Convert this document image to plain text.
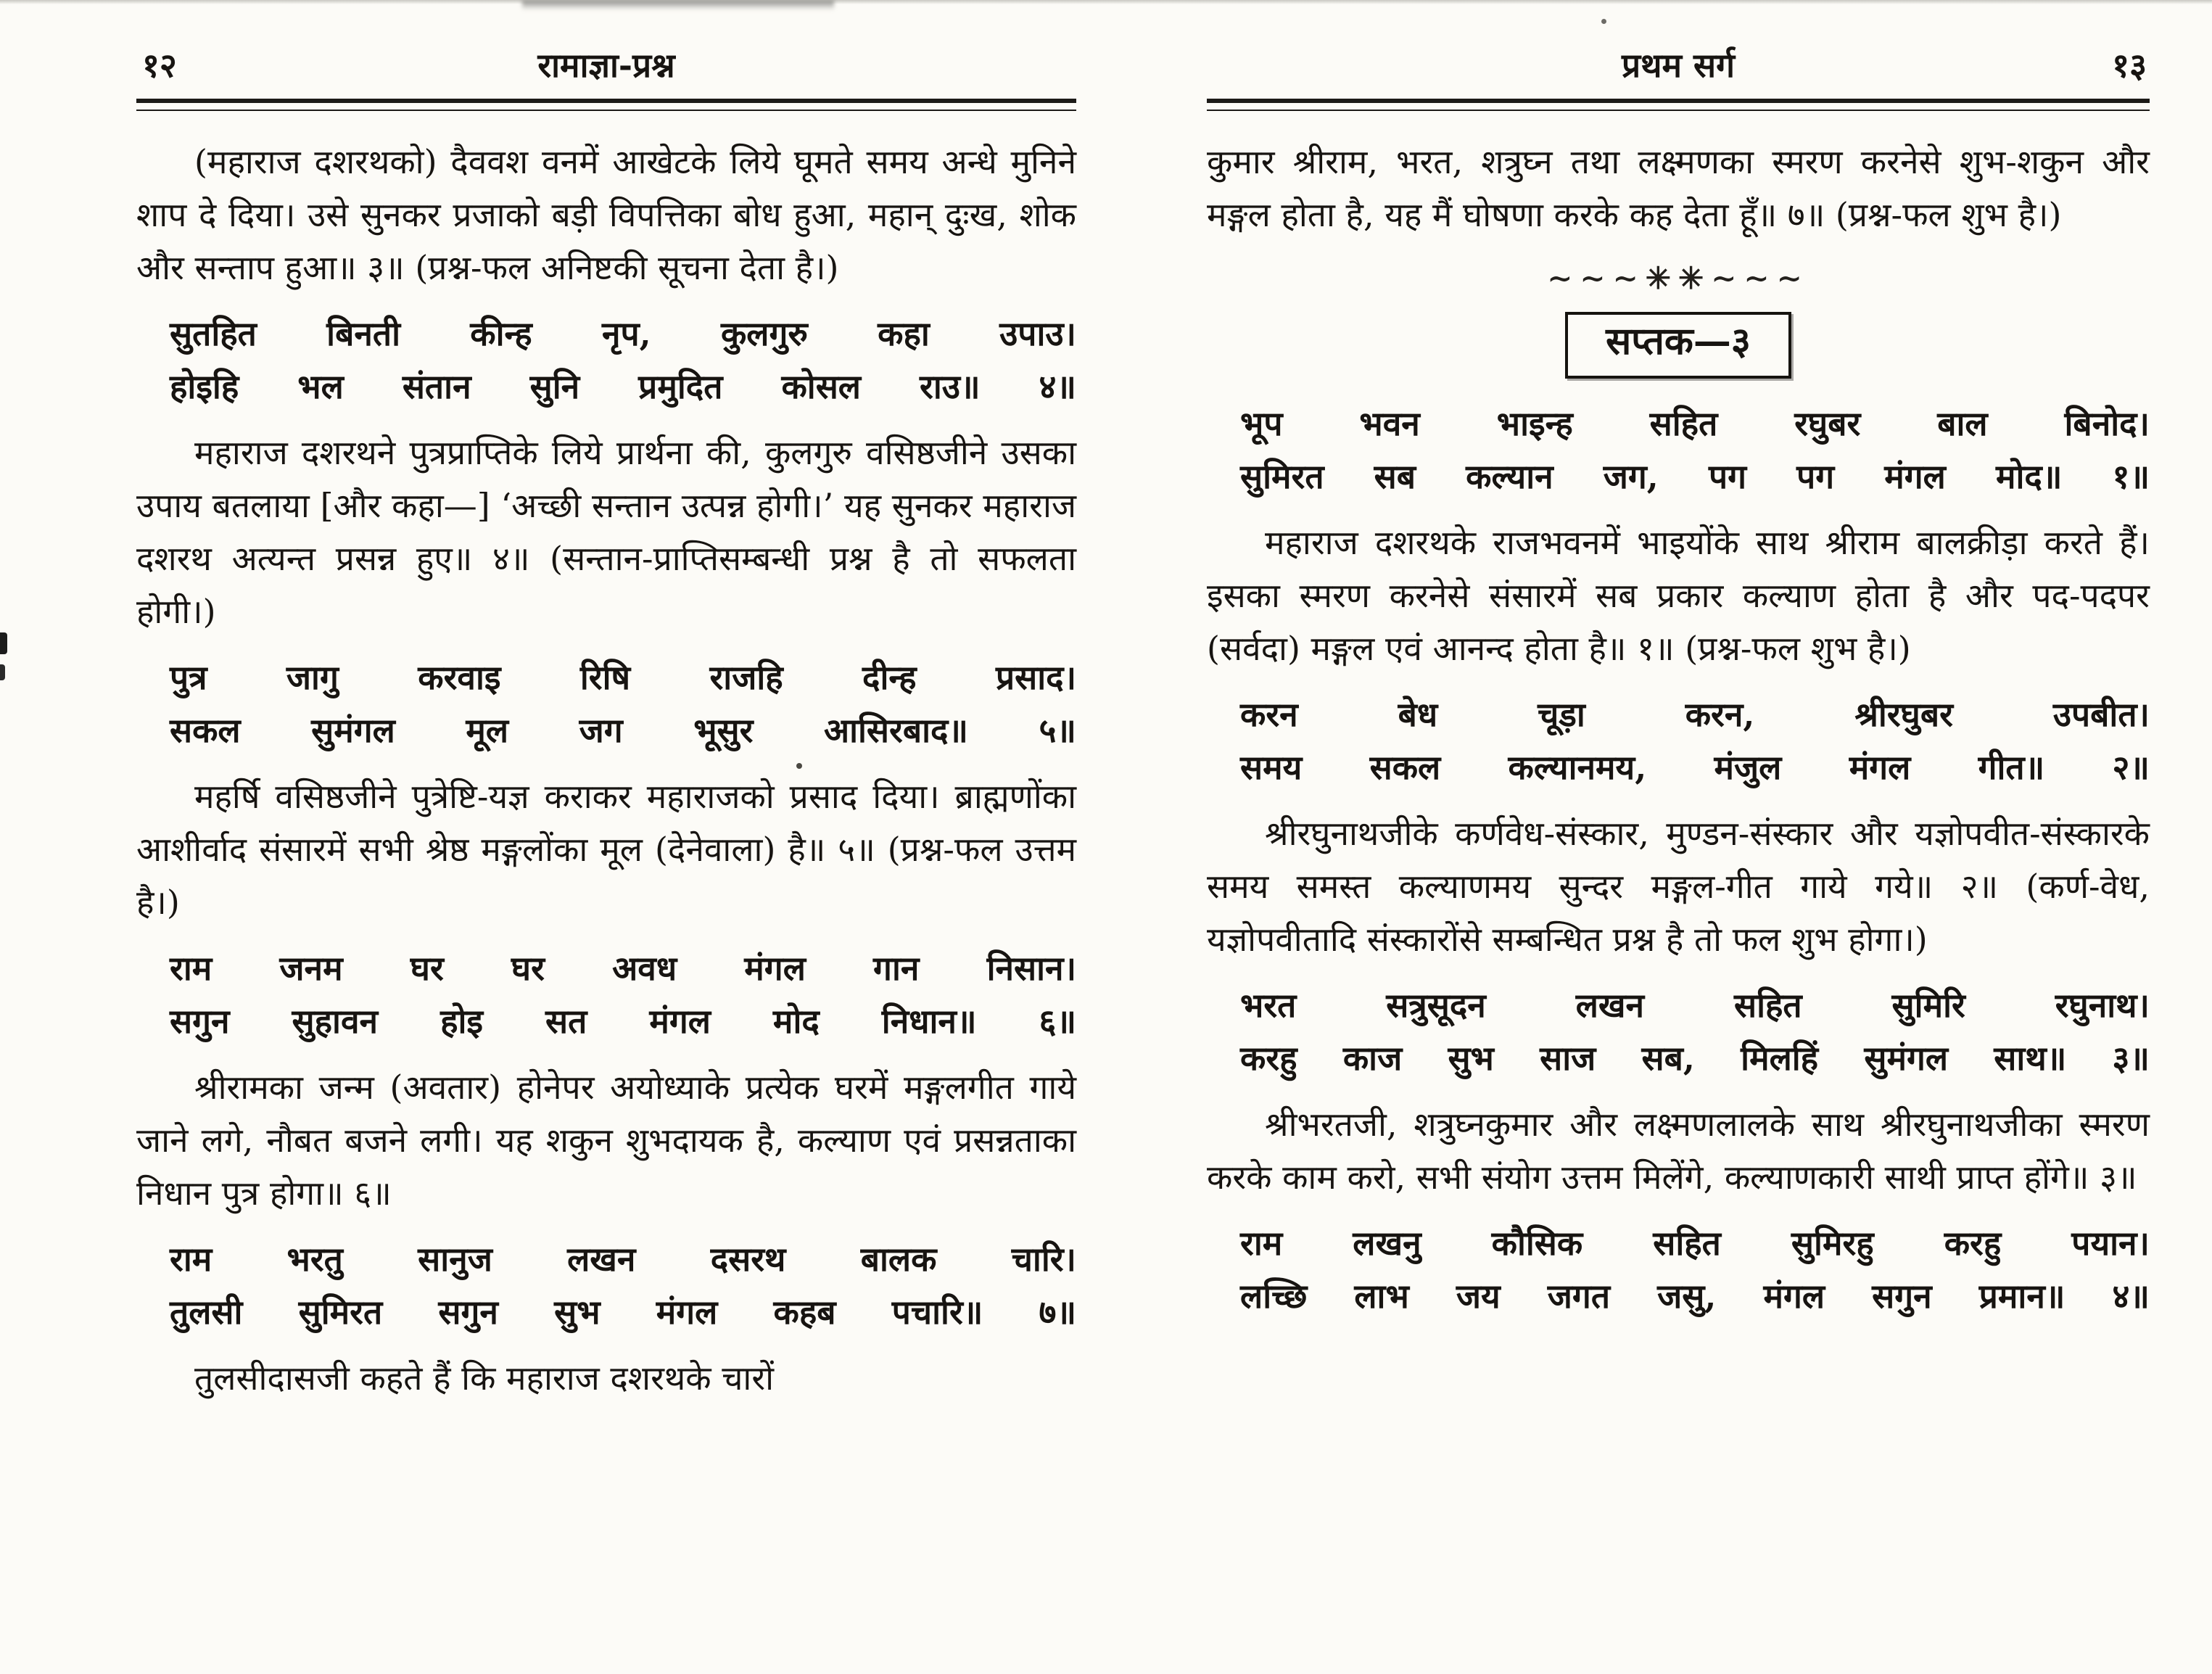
१२	रामाज्ञा-प्रश्न

(महाराज दशरथको) दैववश वनमें आखेटके लिये घूमते समय अन्धे मुनिने शाप दे दिया। उसे सुनकर प्रजाको बड़ी विपत्तिका बोध हुआ, महान् दुःख, शोक और सन्ताप हुआ॥ ३॥ (प्रश्न-फल अनिष्टकी सूचना देता है।)

सुतहित बिनती कीन्ह नृप, कुलगुरु कहा उपाउ।
होइहि भल संतान सुनि प्रमुदित कोसल राउ॥ ४॥

महाराज दशरथने पुत्रप्राप्तिके लिये प्रार्थना की, कुलगुरु वसिष्ठजीने उसका उपाय बतलाया [और कहा—] ‘अच्छी सन्तान उत्पन्न होगी।’ यह सुनकर महाराज दशरथ अत्यन्त प्रसन्न हुए॥ ४॥ (सन्तान-प्राप्तिसम्बन्धी प्रश्न है तो सफलता होगी।)

पुत्र जागु करवाइ रिषि राजहि दीन्ह प्रसाद।
सकल सुमंगल मूल जग भूसुर आसिरबाद॥ ५॥

महर्षि वसिष्ठजीने पुत्रेष्टि-यज्ञ कराकर महाराजको प्रसाद दिया। ब्राह्मणोंका आशीर्वाद संसारमें सभी श्रेष्ठ मङ्गलोंका मूल (देनेवाला) है॥ ५॥ (प्रश्न-फल उत्तम है।)

राम जनम घर घर अवध मंगल गान निसान।
सगुन सुहावन होइ सत मंगल मोद निधान॥ ६॥

श्रीरामका जन्म (अवतार) होनेपर अयोध्याके प्रत्येक घरमें मङ्गलगीत गाये जाने लगे, नौबत बजने लगी। यह शकुन शुभदायक है, कल्याण एवं प्रसन्नताका निधान पुत्र होगा॥ ६॥

राम भरतु सानुज लखन दसरथ बालक चारि।
तुलसी सुमिरत सगुन सुभ मंगल कहब पचारि॥ ७॥

तुलसीदासजी कहते हैं कि महाराज दशरथके चारों

प्रथम सर्ग	१३

कुमार श्रीराम, भरत, शत्रुघ्न तथा लक्ष्मणका स्मरण करनेसे शुभ-शकुन और मङ्गल होता है, यह मैं घोषणा करके कह देता हूँ॥ ७॥ (प्रश्न-फल शुभ है।)

∼∼∼✳✳∼∼∼
सप्तक—३
भूप भवन भाइन्ह सहित रघुबर बाल बिनोद।
सुमिरत सब कल्यान जग, पग पग मंगल मोद॥ १॥

महाराज दशरथके राजभवनमें भाइयोंके साथ श्रीराम बालक्रीड़ा करते हैं। इसका स्मरण करनेसे संसारमें सब प्रकार कल्याण होता है और पद-पदपर (सर्वदा) मङ्गल एवं आनन्द होता है॥ १॥ (प्रश्न-फल शुभ है।)

करन बेध चूड़ा करन, श्रीरघुबर उपबीत।
समय सकल कल्यानमय, मंजुल मंगल गीत॥ २॥

श्रीरघुनाथजीके कर्णवेध-संस्कार, मुण्डन-संस्कार और यज्ञोपवीत-संस्कारके समय समस्त कल्याणमय सुन्दर मङ्गल-गीत गाये गये॥ २॥ (कर्ण-वेध, यज्ञोपवीतादि संस्कारोंसे सम्बन्धित प्रश्न है तो फल शुभ होगा।)

भरत सत्रुसूदन लखन सहित सुमिरि रघुनाथ।
करहु काज सुभ साज सब, मिलहिं सुमंगल साथ॥ ३॥

श्रीभरतजी, शत्रुघ्नकुमार और लक्ष्मणलालके साथ श्रीरघुनाथजीका स्मरण करके काम करो, सभी संयोग उत्तम मिलेंगे, कल्याणकारी साथी प्राप्त होंगे॥ ३॥

राम लखनु कौसिक सहित सुमिरहु करहु पयान।
लच्छि लाभ जय जगत जसु, मंगल सगुन प्रमान॥ ४॥
